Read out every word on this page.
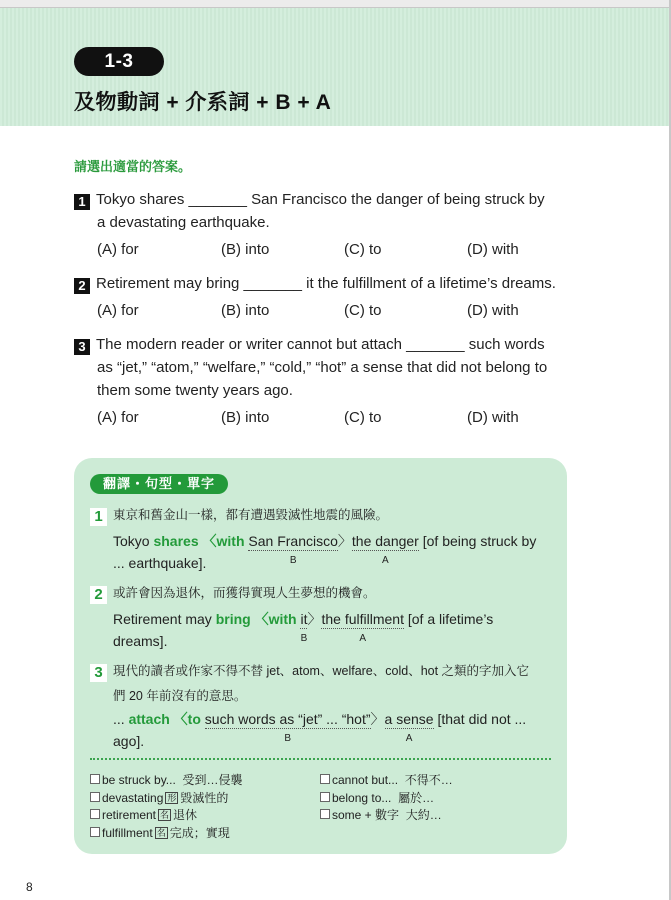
1-3
及物動詞 + 介系詞 + B + A
請選出適當的答案。
1 Tokyo shares _______ San Francisco the danger of being struck by
a devastating earthquake.
(A) for	(B) into	(C) to	(D) with
2 Retirement may bring _______ it the fulfillment of a lifetime’s dreams.
(A) for	(B) into	(C) to	(D) with
3 The modern reader or writer cannot but attach _______ such words
as “jet,” “atom,” “welfare,” “cold,” “hot” a sense that did not belong to
them some twenty years ago.
(A) for	(B) into	(C) to	(D) with
翻譯・句型・單字
1 東京和舊金山一樣，都有遭遇毀滅性地震的風險。
Tokyo shares 〈with San Francisco
B
〉the danger
A
[of being struck by
... earthquake].
2 或許會因為退休，而獲得實現人生夢想的機會。
Retirement may bring 〈with it
B
〉the fulfillment
A
[of a lifetime’s
dreams].
3 現代的讀者或作家不得不替 jet、atom、welfare、cold、hot 之類的字加入它
們 20 年前沒有的意思。
... attach 〈to such words as “jet” ... “hot”
B
〉a sense
A
[that did not ...
ago].
be struck by... 受到…侵襲
devastating 形 毀滅性的
retirement 名 退休
fulfillment 名 完成；實現
cannot but... 不得不…
belong to... 屬於…
some + 數字 大約…
8
